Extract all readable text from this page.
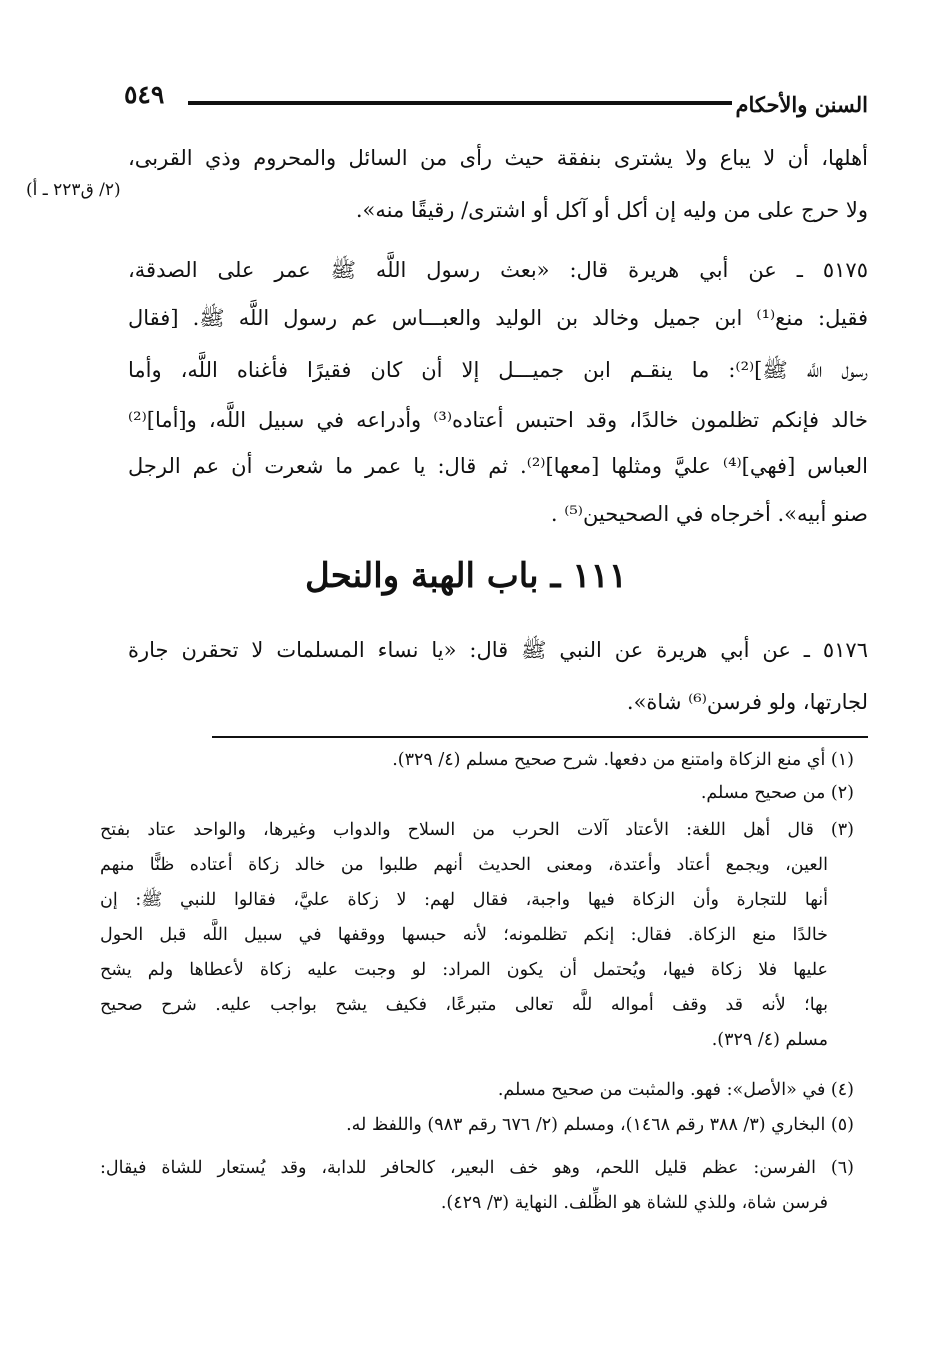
السنن والأحكام
٥٤٩
(٢/ ق٢٢٣ ـ أ)
أهلها، أن لا يباع ولا يشترى بنفقة حيث رأى من السائل والمحروم وذي القربى،
ولا حرج على من وليه إن أكل أو آكل أو اشترى/ رقيقًا منه».
٥١٧٥ ـ عن أبي هريرة قال: «بعث رسول اللَّه ﷺ عمر على الصدقة،
فقيل: منع⁽¹⁾ ابن جميل وخالد بن الوليد والعبـــاس عم رسول اللَّه ﷺ. [فقال
رسول اللَّه ﷺ]⁽²⁾: ما ينقـم ابن جميـــل إلا أن كان فقيرًا فأغناه اللَّه، وأما
خالد فإنكم تظلمون خالدًا، وقد احتبس أعتاده⁽³⁾ وأدراعه في سبيل اللَّه، و[أما]⁽²⁾
العباس [فهي]⁽⁴⁾ عليَّ ومثلها [معها]⁽²⁾. ثم قال: يا عمر ما شعرت أن عم الرجل
صنو أبيه». أخرجاه في الصحيحين⁽⁵⁾ .
١١١ ـ باب الهبة والنحل
٥١٧٦ ـ عن أبي هريرة عن النبي ﷺ قال: «يا نساء المسلمات لا تحقرن جارة
لجارتها، ولو فرسن⁽⁶⁾ شاة».
(١) أي منع الزكاة وامتنع من دفعها. شرح صحيح مسلم (٤/ ٣٢٩).
(٢) من صحيح مسلم.
(٣) قال أهل اللغة: الأعتاد آلات الحرب من السلاح والدواب وغيرها، والواحد عتاد بفتح
العين، ويجمع أعتاد وأعتدة، ومعنى الحديث أنهم طلبوا من خالد زكاة أعتاده ظنًّا منهم
أنها للتجارة وأن الزكاة فيها واجبة، فقال لهم: لا زكاة عليَّ، فقالوا للنبي ﷺ: إن
خالدًا منع الزكاة. فقال: إنكم تظلمونه؛ لأنه حبسها ووقفها في سبيل اللَّه قبل الحول
عليها فلا زكاة فيها، ويُحتمل أن يكون المراد: لو وجبت عليه زكاة لأعطاها ولم يشح
بها؛ لأنه قد وقف أمواله للَّه تعالى متبرعًا، فكيف يشح بواجب عليه. شرح صحيح
مسلم (٤/ ٣٢٩).
(٤) في «الأصل»: فهو. والمثبت من صحيح مسلم.
(٥) البخاري (٣/ ٣٨٨ رقم ١٤٦٨)، ومسلم (٢/ ٦٧٦ رقم ٩٨٣) واللفظ له.
(٦) الفرسن: عظم قليل اللحم، وهو خف البعير، كالحافر للدابة، وقد يُستعار للشاة فيقال:
فرسن شاة، وللذي للشاة هو الظِّلف. النهاية (٣/ ٤٢٩).
